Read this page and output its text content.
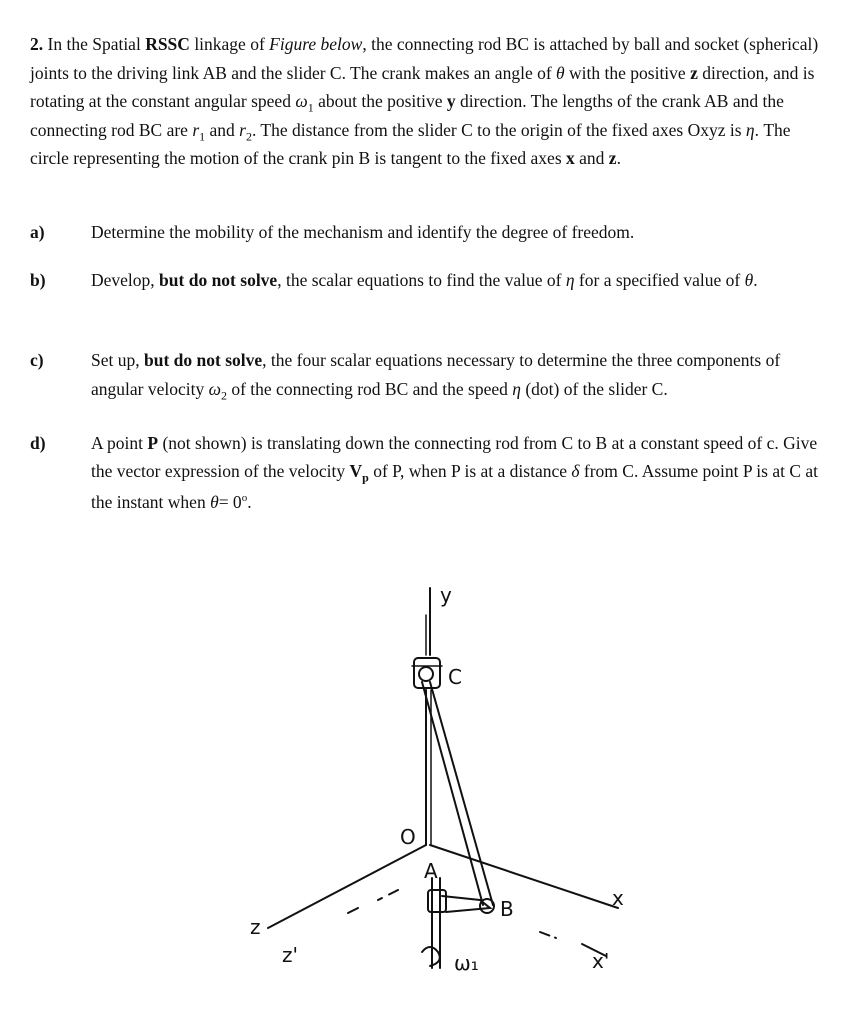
2. In the Spatial RSSC linkage of Figure below, the connecting rod BC is attached by ball and socket (spherical) joints to the driving link AB and the slider C. The crank makes an angle of θ with the positive z direction, and is rotating at the constant angular speed $\omega_1$ about the positive y direction. The lengths of the crank AB and the connecting rod BC are $r_1$ and $r_2$. The distance from the slider C to the origin of the fixed axes Oxyz is η. The circle representing the motion of the crank pin B is tangent to the fixed axes x and z.

a)	Determine the mobility of the mechanism and identify the degree of freedom.
b)	Develop, but do not solve, the scalar equations to find the value of η for a specified value of θ.
c)	Set up, but do not solve, the four scalar equations necessary to determine the three components of angular velocity $\omega_2$ of the connecting rod BC and the speed η (dot) of the slider C.
d)	A point P (not shown) is translating down the connecting rod from C to B at a constant speed of c. Give the vector expression of the velocity $V_p$ of P, when P is at a distance δ from C. Assume point P is at C at the instant when $\theta= 0^o$.
y
C
O
x
x'
z
z'
A
B
ω₁
